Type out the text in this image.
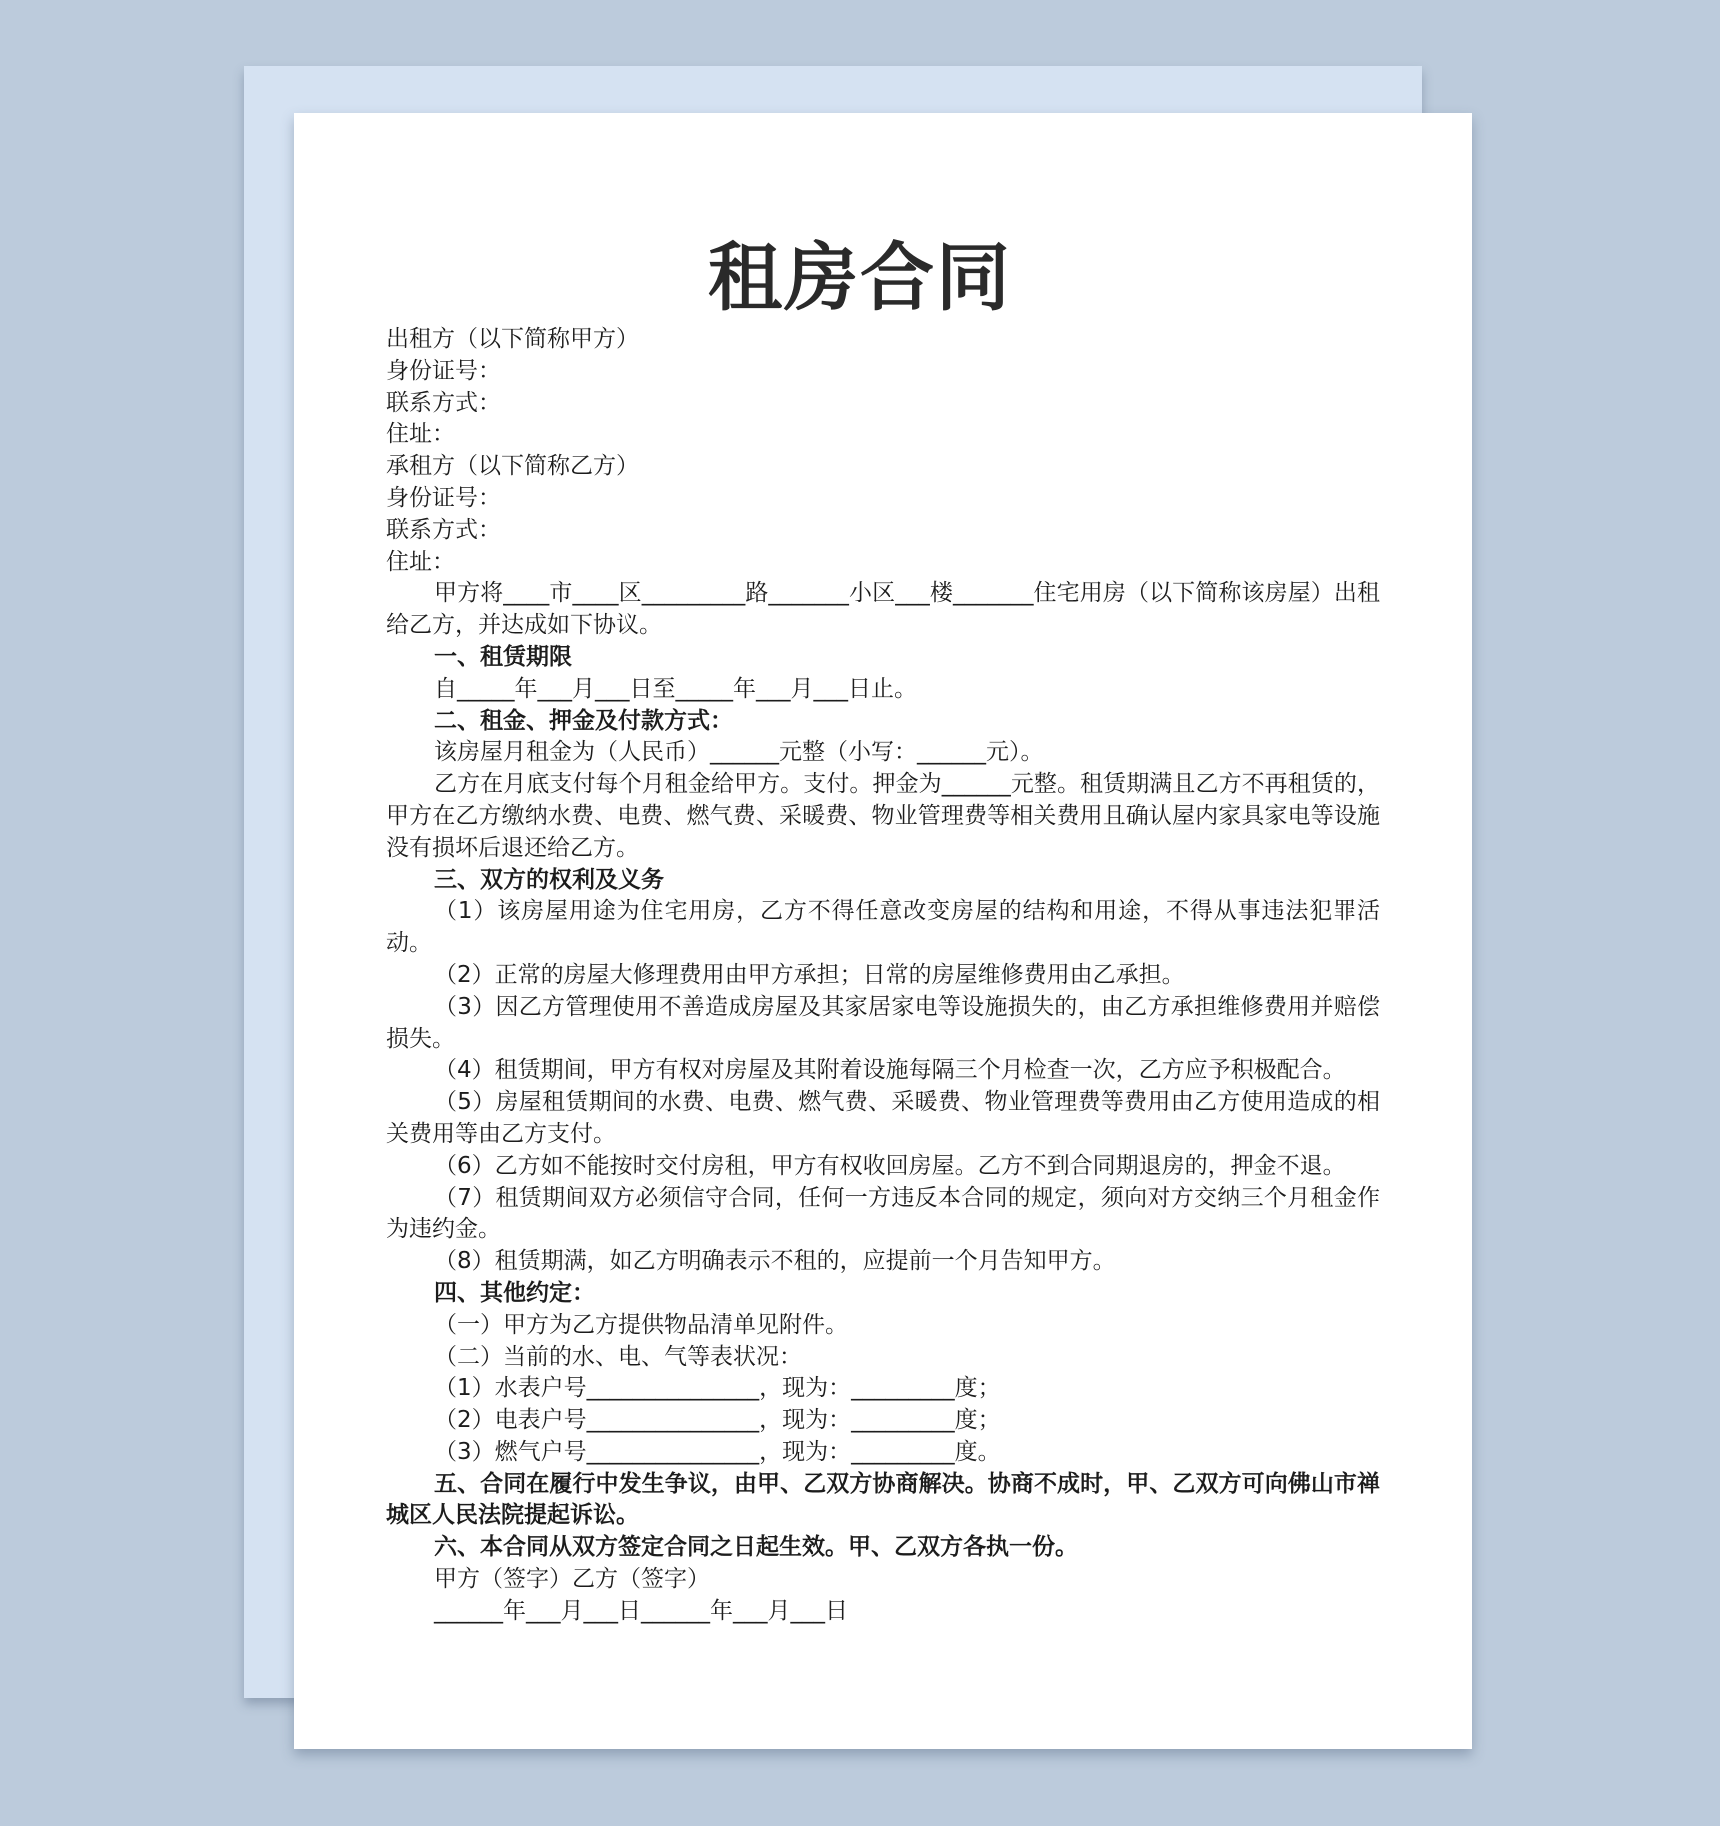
租房合同

出租方（以下简称甲方）

身份证号：

联系方式：

住址：

承租方（以下简称乙方）

身份证号：

联系方式：

住址：

甲方将____市____区_________路_______小区___楼_______住宅用房（以下简称该房屋）出租给乙方，并达成如下协议。

一、租赁期限

自_____年___月___日至_____年___月___日止。

二、租金、押金及付款方式：

该房屋月租金为（人民币）______元整（小写：______元）。

乙方在月底支付每个月租金给甲方。支付。押金为______元整。租赁期满且乙方不再租赁的，甲方在乙方缴纳水费、电费、燃气费、采暖费、物业管理费等相关费用且确认屋内家具家电等设施没有损坏后退还给乙方。

三、双方的权利及义务

（1）该房屋用途为住宅用房，乙方不得任意改变房屋的结构和用途，不得从事违法犯罪活动。

（2）正常的房屋大修理费用由甲方承担；日常的房屋维修费用由乙承担。

（3）因乙方管理使用不善造成房屋及其家居家电等设施损失的，由乙方承担维修费用并赔偿损失。

（4）租赁期间，甲方有权对房屋及其附着设施每隔三个月检查一次，乙方应予积极配合。

（5）房屋租赁期间的水费、电费、燃气费、采暖费、物业管理费等费用由乙方使用造成的相关费用等由乙方支付。

（6）乙方如不能按时交付房租，甲方有权收回房屋。乙方不到合同期退房的，押金不退。

（7）租赁期间双方必须信守合同，任何一方违反本合同的规定，须向对方交纳三个月租金作为违约金。

（8）租赁期满，如乙方明确表示不租的，应提前一个月告知甲方。

四、其他约定：

（一）甲方为乙方提供物品清单见附件。

（二）当前的水、电、气等表状况：

（1）水表户号_______________，现为：_________度；

（2）电表户号_______________，现为：_________度；

（3）燃气户号_______________，现为：_________度。

五、合同在履行中发生争议，由甲、乙双方协商解决。协商不成时，甲、乙双方可向佛山市禅城区人民法院提起诉讼。

六、本合同从双方签定合同之日起生效。甲、乙双方各执一份。

甲方（签字）乙方（签字）

______年___月___日______年___月___日
